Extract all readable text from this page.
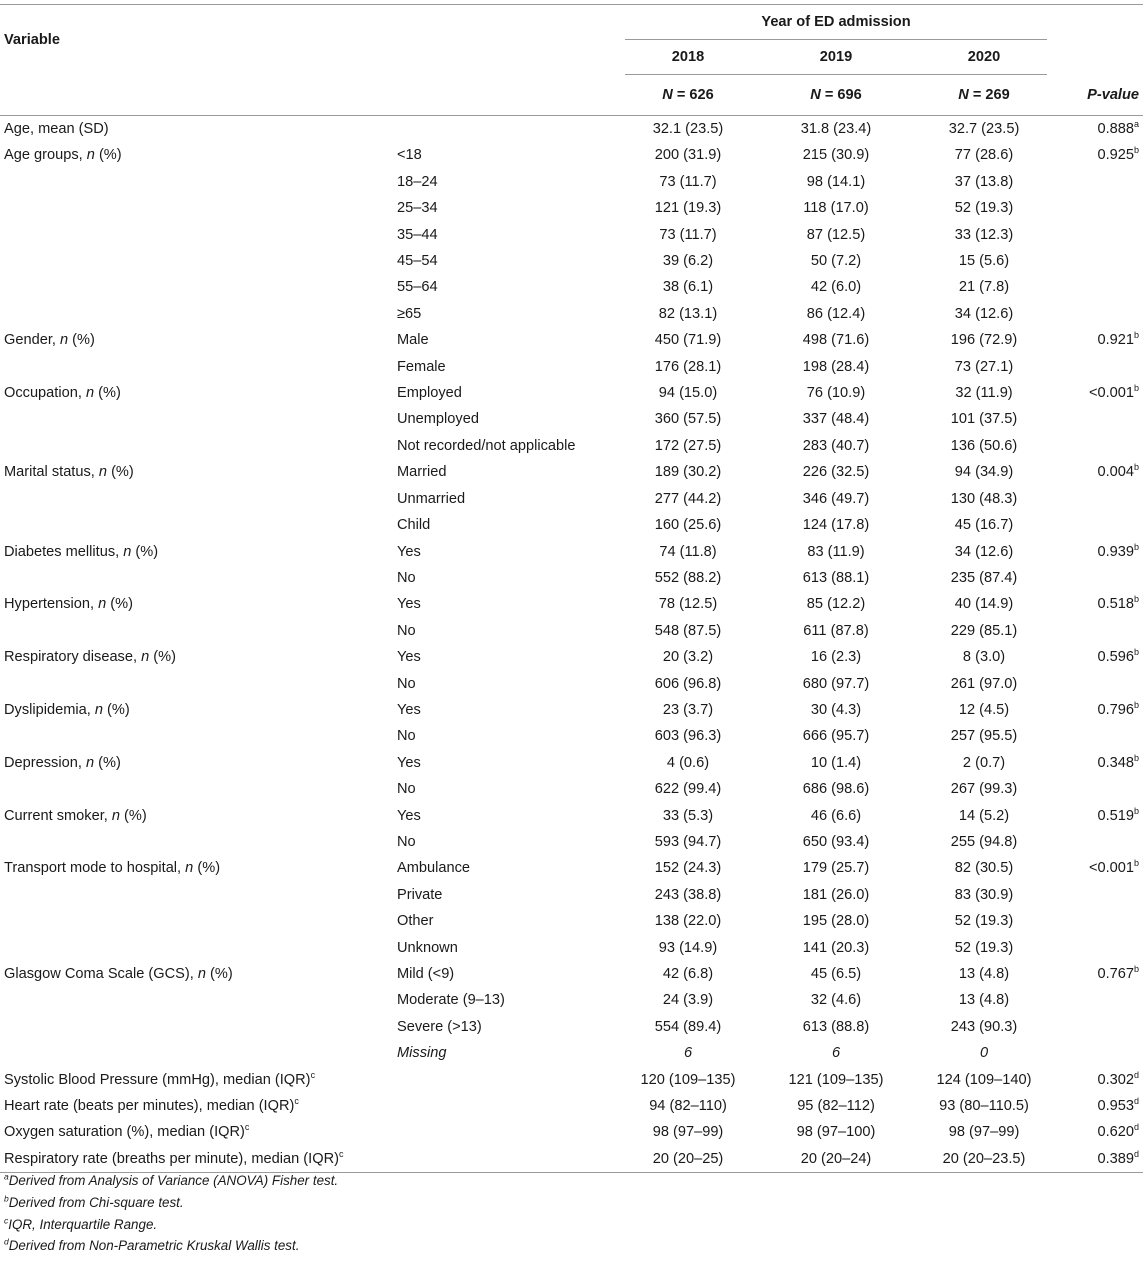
Variable		Year of ED admission			
		2018	2019	2020	
		N = 626	N = 696	N = 269	P-value
Age, mean (SD)		32.1 (23.5)	31.8 (23.4)	32.7 (23.5)	0.888$^a$
Age groups, n (%)	<18	200 (31.9)	215 (30.9)	77 (28.6)	0.925$^b$
	18–24	73 (11.7)	98 (14.1)	37 (13.8)	
	25–34	121 (19.3)	118 (17.0)	52 (19.3)	
	35–44	73 (11.7)	87 (12.5)	33 (12.3)	
	45–54	39 (6.2)	50 (7.2)	15 (5.6)	
	55–64	38 (6.1)	42 (6.0)	21 (7.8)	
	≥65	82 (13.1)	86 (12.4)	34 (12.6)	
Gender, n (%)	Male	450 (71.9)	498 (71.6)	196 (72.9)	0.921$^b$
	Female	176 (28.1)	198 (28.4)	73 (27.1)	
Occupation, n (%)	Employed	94 (15.0)	76 (10.9)	32 (11.9)	<0.001$^b$
	Unemployed	360 (57.5)	337 (48.4)	101 (37.5)	
	Not recorded/not applicable	172 (27.5)	283 (40.7)	136 (50.6)	
Marital status, n (%)	Married	189 (30.2)	226 (32.5)	94 (34.9)	0.004$^b$
	Unmarried	277 (44.2)	346 (49.7)	130 (48.3)	
	Child	160 (25.6)	124 (17.8)	45 (16.7)	
Diabetes mellitus, n (%)	Yes	74 (11.8)	83 (11.9)	34 (12.6)	0.939$^b$
	No	552 (88.2)	613 (88.1)	235 (87.4)	
Hypertension, n (%)	Yes	78 (12.5)	85 (12.2)	40 (14.9)	0.518$^b$
	No	548 (87.5)	611 (87.8)	229 (85.1)	
Respiratory disease, n (%)	Yes	20 (3.2)	16 (2.3)	8 (3.0)	0.596$^b$
	No	606 (96.8)	680 (97.7)	261 (97.0)	
Dyslipidemia, n (%)	Yes	23 (3.7)	30 (4.3)	12 (4.5)	0.796$^b$
	No	603 (96.3)	666 (95.7)	257 (95.5)	
Depression, n (%)	Yes	4 (0.6)	10 (1.4)	2 (0.7)	0.348$^b$
	No	622 (99.4)	686 (98.6)	267 (99.3)	
Current smoker, n (%)	Yes	33 (5.3)	46 (6.6)	14 (5.2)	0.519$^b$
	No	593 (94.7)	650 (93.4)	255 (94.8)	
Transport mode to hospital, n (%)	Ambulance	152 (24.3)	179 (25.7)	82 (30.5)	<0.001$^b$
	Private	243 (38.8)	181 (26.0)	83 (30.9)	
	Other	138 (22.0)	195 (28.0)	52 (19.3)	
	Unknown	93 (14.9)	141 (20.3)	52 (19.3)	
Glasgow Coma Scale (GCS), n (%)	Mild (<9)	42 (6.8)	45 (6.5)	13 (4.8)	0.767$^b$
	Moderate (9–13)	24 (3.9)	32 (4.6)	13 (4.8)	
	Severe (>13)	554 (89.4)	613 (88.8)	243 (90.3)	
	Missing	6	6	0	
Systolic Blood Pressure (mmHg), median (IQR)$^c$		120 (109–135)	121 (109–135)	124 (109–140)	0.302$^d$
Heart rate (beats per minutes), median (IQR)$^c$		94 (82–110)	95 (82–112)	93 (80–110.5)	0.953$^d$
Oxygen saturation (%), median (IQR)$^c$		98 (97–99)	98 (97–100)	98 (97–99)	0.620$^d$
Respiratory rate (breaths per minute), median (IQR)$^c$		20 (20–25)	20 (20–24)	20 (20–23.5)	0.389$^d$
$^a$Derived from Analysis of Variance (ANOVA) Fisher test.
$^b$Derived from Chi-square test.
$^c$IQR, Interquartile Range.
$^d$Derived from Non-Parametric Kruskal Wallis test.
